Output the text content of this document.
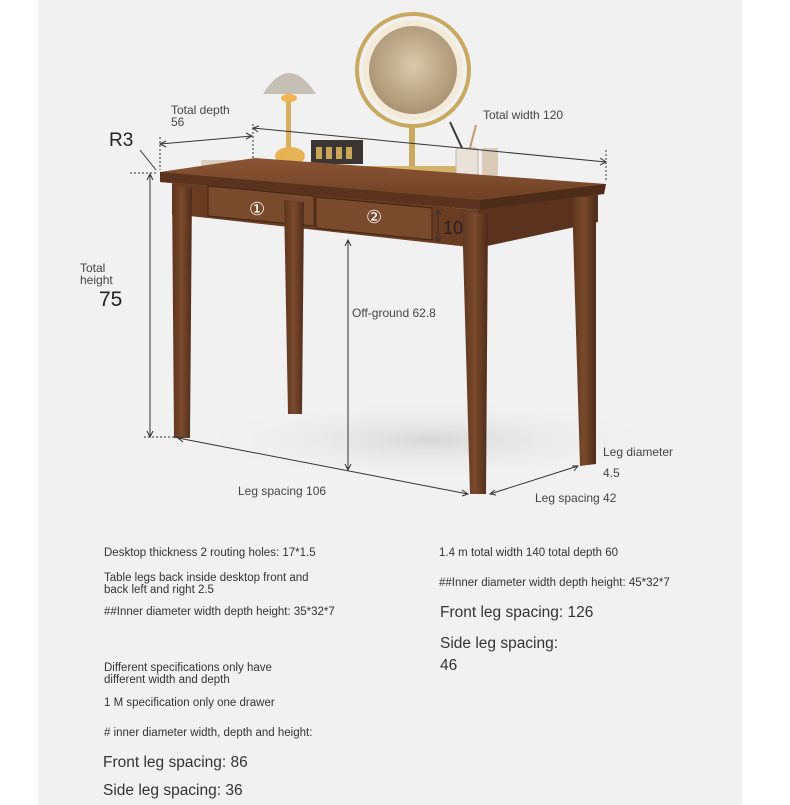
R3
Total depth
56	Total width 120
Total
height
75
①	②
10
Off-ground 62.8
Leg spacing 106
Leg diameter
4.5
Leg spacing 42
Desktop thickness 2 routing holes: 17*1.5
Table legs back inside desktop front and
back left and right 2.5
##Inner diameter width depth height: 35*32*7
Different specifications only have
different width and depth
1 M specification only one drawer
# inner diameter width, depth and height:
Front leg spacing: 86
Side leg spacing: 36
1.4 m total width 140 total depth 60
##Inner diameter width depth height: 45*32*7
Front leg spacing: 126
Side leg spacing:
46
